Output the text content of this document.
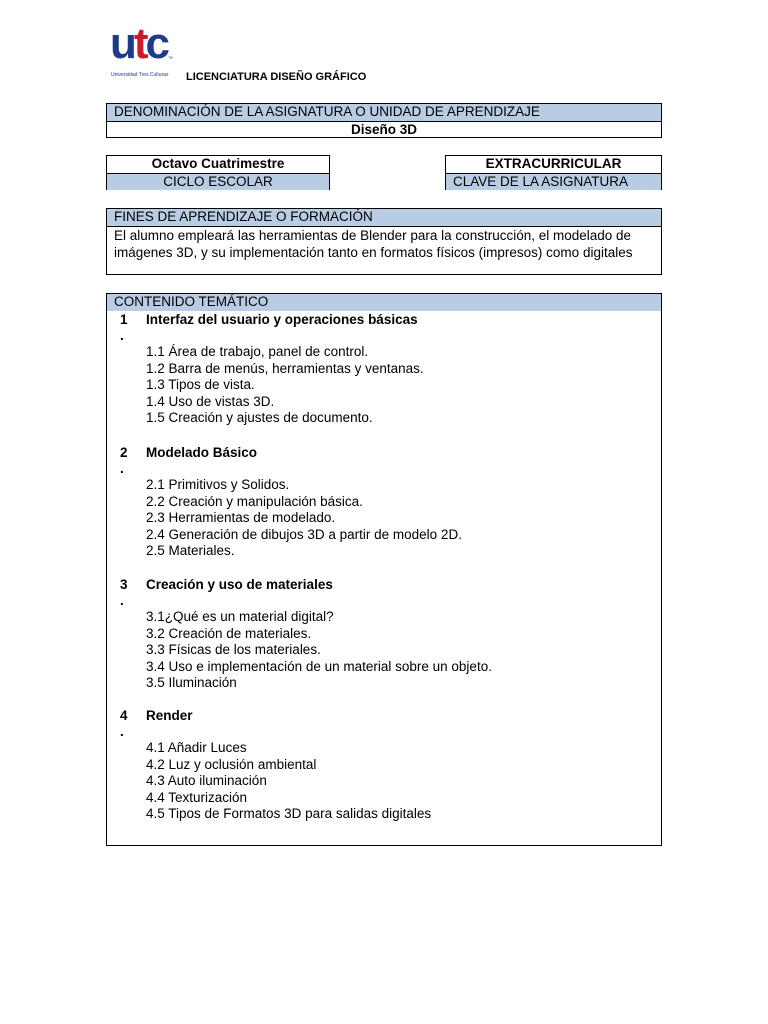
utc ™
Universidad Tres Culturas LICENCIATURA DISEÑO GRÁFICO
DENOMINACIÓN DE LA ASIGNATURA O UNIDAD DE APRENDIZAJE
Diseño 3D
Octavo Cuatrimestre
CICLO ESCOLAR
EXTRACURRICULAR
CLAVE DE LA ASIGNATURA
FINES DE APRENDIZAJE O FORMACIÓN
El alumno empleará las herramientas de Blender para la construcción, el modelado de
imágenes 3D, y su implementación tanto en formatos físicos (impresos) como digitales
CONTENIDO TEMÁTICO
1
.
Interfaz del usuario y operaciones básicas
1.1 Área de trabajo, panel de control.
1.2 Barra de menús, herramientas y ventanas.
1.3 Tipos de vista.
1.4 Uso de vistas 3D.
1.5 Creación y ajustes de documento.
2
.
Modelado Básico
2.1 Primitivos y Solidos.
2.2 Creación y manipulación básica.
2.3 Herramientas de modelado.
2.4 Generación de dibujos 3D a partir de modelo 2D.
2.5 Materiales.
3
.
Creación y uso de materiales
3.1¿Qué es un material digital?
3.2 Creación de materiales.
3.3 Físicas de los materiales.
3.4 Uso e implementación de un material sobre un objeto.
3.5 Iluminación
4
.
Render
4.1 Añadir Luces
4.2 Luz y oclusión ambiental
4.3 Auto iluminación
4.4 Texturización
4.5 Tipos de Formatos 3D para salidas digitales
